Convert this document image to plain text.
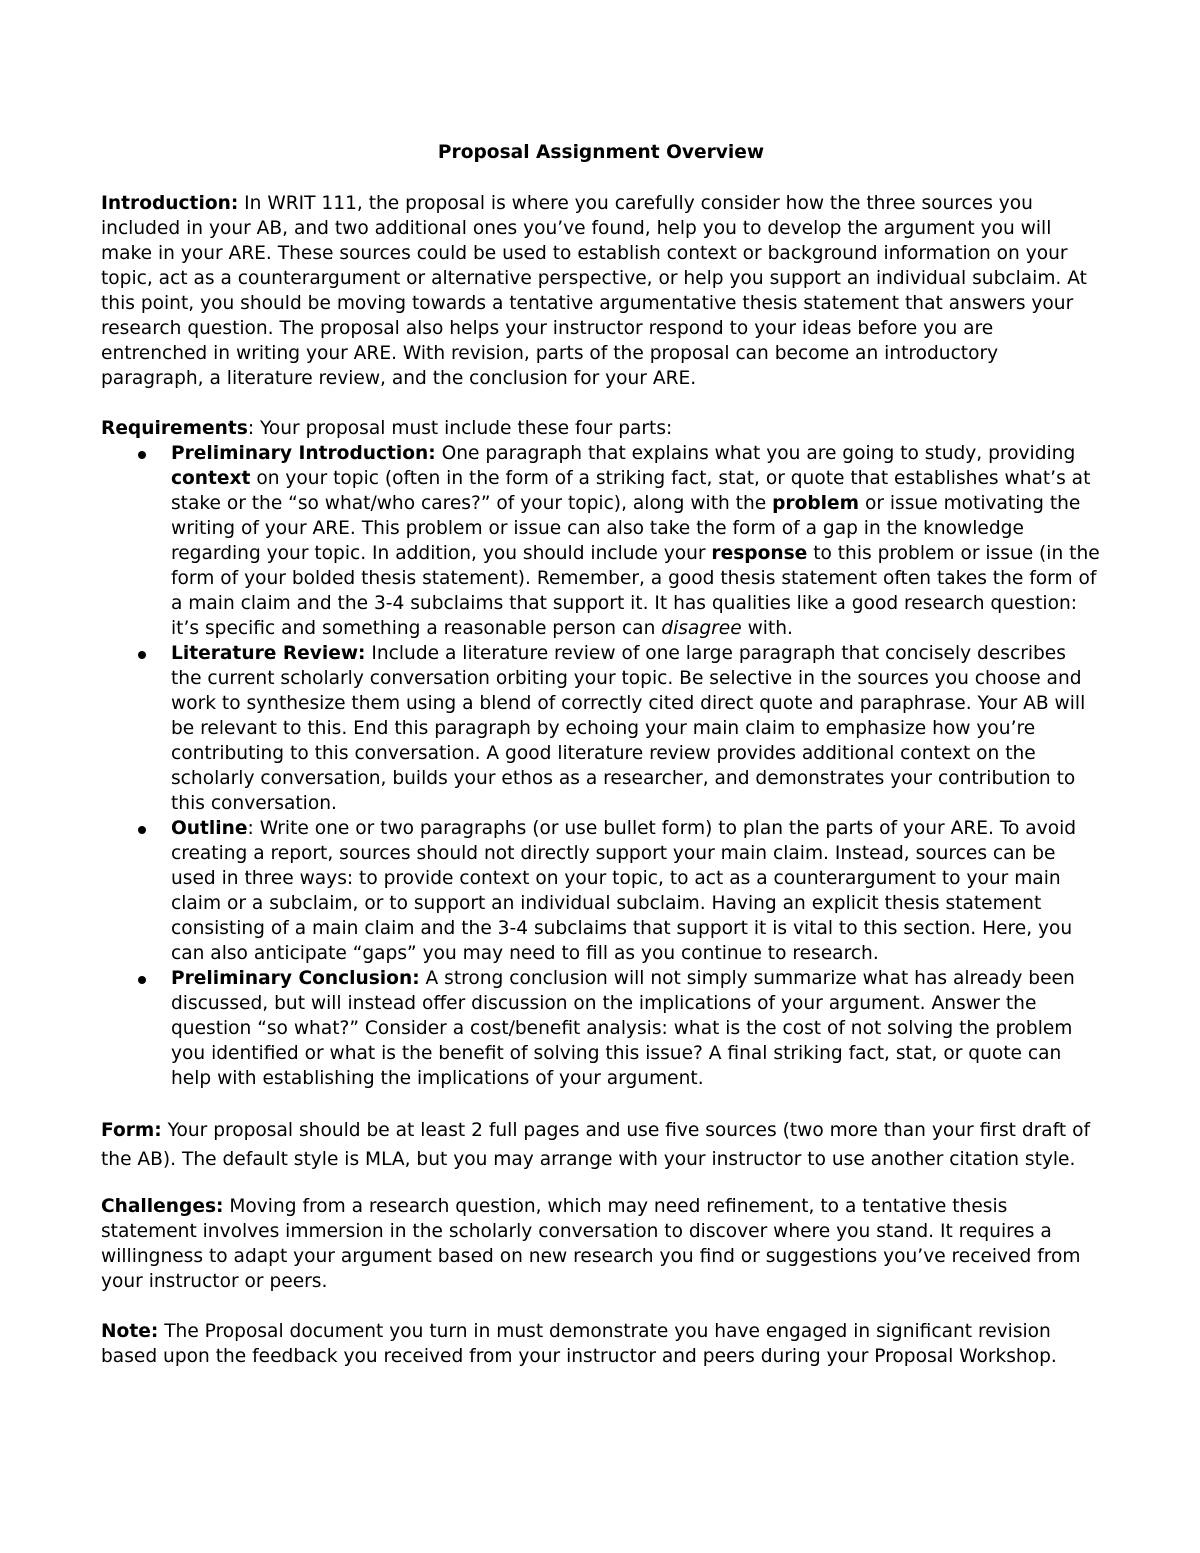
Proposal Assignment Overview

Introduction: In WRIT 111, the proposal is where you carefully consider how the three sources you included in your AB, and two additional ones you’ve found, help you to develop the argument you will make in your ARE. These sources could be used to establish context or background information on your topic, act as a counterargument or alternative perspective, or help you support an individual subclaim. At this point, you should be moving towards a tentative argumentative thesis statement that answers your research question. The proposal also helps your instructor respond to your ideas before you are entrenched in writing your ARE. With revision, parts of the proposal can become an introductory paragraph, a literature review, and the conclusion for your ARE.

Requirements: Your proposal must include these four parts:

Preliminary Introduction: One paragraph that explains what you are going to study, providing context on your topic (often in the form of a striking fact, stat, or quote that establishes what’s at stake or the “so what/who cares?” of your topic), along with the problem or issue motivating the writing of your ARE. This problem or issue can also take the form of a gap in the knowledge regarding your topic. In addition, you should include your response to this problem or issue (in the form of your bolded thesis statement). Remember, a good thesis statement often takes the form of a main claim and the 3-4 subclaims that support it. It has qualities like a good research question: it’s specific and something a reasonable person can disagree with.
Literature Review: Include a literature review of one large paragraph that concisely describes the current scholarly conversation orbiting your topic. Be selective in the sources you choose and work to synthesize them using a blend of correctly cited direct quote and paraphrase. Your AB will be relevant to this. End this paragraph by echoing your main claim to emphasize how you’re contributing to this conversation. A good literature review provides additional context on the scholarly conversation, builds your ethos as a researcher, and demonstrates your contribution to this conversation.
Outline: Write one or two paragraphs (or use bullet form) to plan the parts of your ARE. To avoid creating a report, sources should not directly support your main claim. Instead, sources can be used in three ways: to provide context on your topic, to act as a counterargument to your main claim or a subclaim, or to support an individual subclaim. Having an explicit thesis statement consisting of a main claim and the 3-4 subclaims that support it is vital to this section. Here, you can also anticipate “gaps” you may need to fill as you continue to research.
Preliminary Conclusion: A strong conclusion will not simply summarize what has already been discussed, but will instead offer discussion on the implications of your argument. Answer the question “so what?” Consider a cost/benefit analysis: what is the cost of not solving the problem you identified or what is the benefit of solving this issue? A final striking fact, stat, or quote can help with establishing the implications of your argument.

Form: Your proposal should be at least 2 full pages and use five sources (two more than your first draft of the AB). The default style is MLA, but you may arrange with your instructor to use another citation style.

Challenges: Moving from a research question, which may need refinement, to a tentative thesis statement involves immersion in the scholarly conversation to discover where you stand. It requires a willingness to adapt your argument based on new research you find or suggestions you’ve received from your instructor or peers.

Note: The Proposal document you turn in must demonstrate you have engaged in significant revision based upon the feedback you received from your instructor and peers during your Proposal Workshop.
